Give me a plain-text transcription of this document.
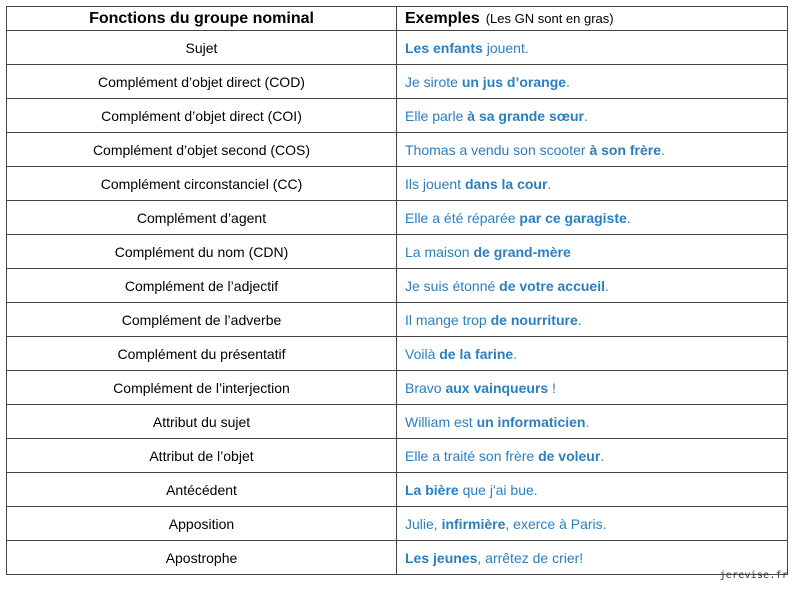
Fonctions du groupe nominal	Exemples (Les GN sont en gras)
Sujet	Les enfants jouent.
Complément d’objet direct (COD)	Je sirote un jus d’orange.
Complément d’objet direct (COI)	Elle parle à sa grande sœur.
Complément d’objet second (COS)	Thomas a vendu son scooter à son frère.
Complément circonstanciel (CC)	Ils jouent dans la cour.
Complément d’agent	Elle a été réparée par ce garagiste.
Complément du nom (CDN)	La maison de grand-mère
Complément de l’adjectif	Je suis étonné de votre accueil.
Complément de l’adverbe	Il mange trop de nourriture.
Complément du présentatif	Voilà de la farine.
Complément de l’interjection	Bravo aux vainqueurs !
Attribut du sujet	William est un informaticien.
Attribut de l’objet	Elle a traité son frère de voleur.
Antécédent	La bière que j'ai bue.
Apposition	Julie, infirmière, exerce à Paris.
Apostrophe	Les jeunes, arrêtez de crier!
jerevise.fr
